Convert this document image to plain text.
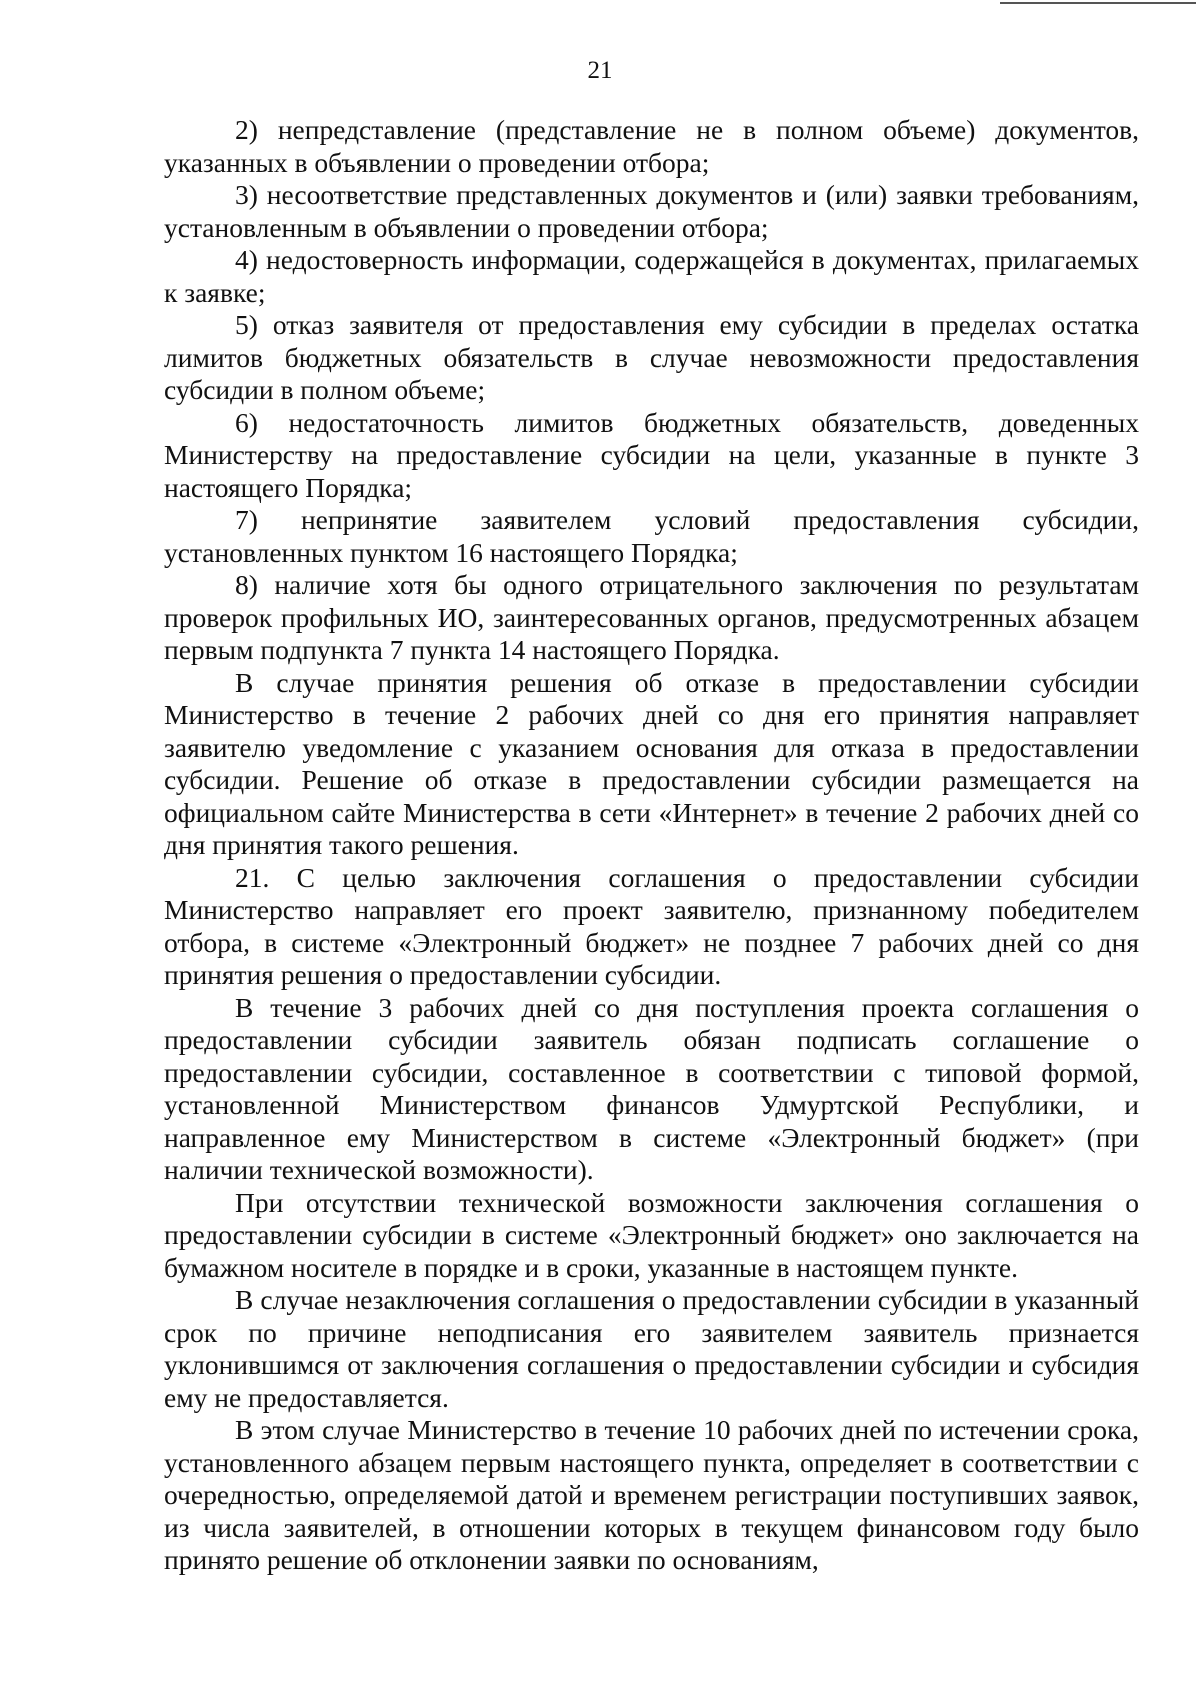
21

2) непредставление (представление не в полном объеме) документов, указанных в объявлении о проведении отбора;

3) несоответствие представленных документов и (или) заявки требованиям, установленным в объявлении о проведении отбора;

4) недостоверность информации, содержащейся в документах, прилагаемых к заявке;

5) отказ заявителя от предоставления ему субсидии в пределах остатка лимитов бюджетных обязательств в случае невозможности предоставления субсидии в полном объеме;

6) недостаточность лимитов бюджетных обязательств, доведенных Министерству на предоставление субсидии на цели, указанные в пункте 3 настоящего Порядка;

7) непринятие заявителем условий предоставления субсидии, установленных пунктом 16 настоящего Порядка;

8) наличие хотя бы одного отрицательного заключения по результатам проверок профильных ИО, заинтересованных органов, предусмотренных абзацем первым подпункта 7 пункта 14 настоящего Порядка.

В случае принятия решения об отказе в предоставлении субсидии Министерство в течение 2 рабочих дней со дня его принятия направляет заявителю уведомление с указанием основания для отказа в предоставлении субсидии. Решение об отказе в предоставлении субсидии размещается на официальном сайте Министерства в сети «Интернет» в течение 2 рабочих дней со дня принятия такого решения.

21. С целью заключения соглашения о предоставлении субсидии Министерство направляет его проект заявителю, признанному победителем отбора, в системе «Электронный бюджет» не позднее 7 рабочих дней со дня принятия решения о предоставлении субсидии.

В течение 3 рабочих дней со дня поступления проекта соглашения о предоставлении субсидии заявитель обязан подписать соглашение о предоставлении субсидии, составленное в соответствии с типовой формой, установленной Министерством финансов Удмуртской Республики, и направленное ему Министерством в системе «Электронный бюджет» (при наличии технической возможности).

При отсутствии технической возможности заключения соглашения о предоставлении субсидии в системе «Электронный бюджет» оно заключается на бумажном носителе в порядке и в сроки, указанные в настоящем пункте.

В случае незаключения соглашения о предоставлении субсидии в указанный срок по причине неподписания его заявителем заявитель признается уклонившимся от заключения соглашения о предоставлении субсидии и субсидия ему не предоставляется.

В этом случае Министерство в течение 10 рабочих дней по истечении срока, установленного абзацем первым настоящего пункта, определяет в соответствии с очередностью, определяемой датой и временем регистрации поступивших заявок, из числа заявителей, в отношении которых в текущем финансовом году было принято решение об отклонении заявки по основаниям,
